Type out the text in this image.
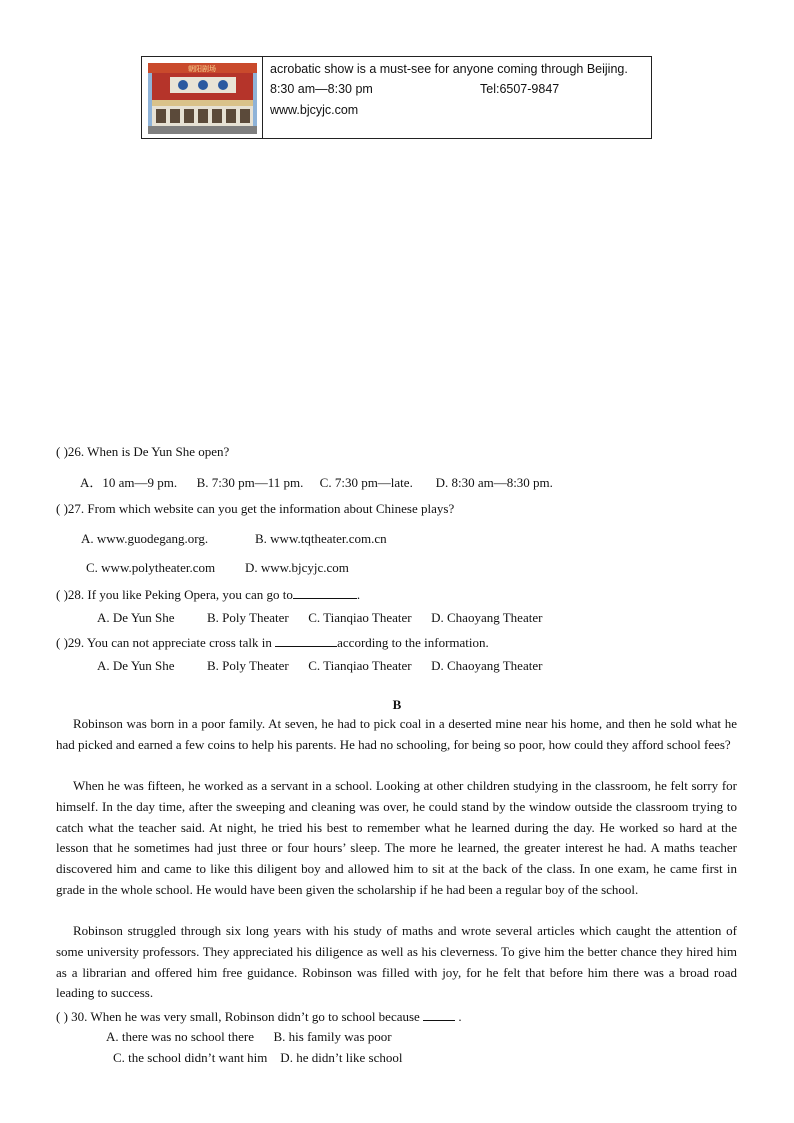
朝阳剧场	acrobatic show is a must-see for anyone coming through Beijing.
8:30 am—8:30 pm	Tel:6507-9847
www.bjcyjc.com
( )26. When is De Yun She open?
A．10 am—9 pm.      B. 7:30 pm—11 pm.     C. 7:30 pm—late.       D. 8:30 am—8:30 pm.
( )27. From which website can you get the information about Chinese plays?
A. www.guodegang.org.	B. www.tqtheater.com.cn
C. www.polytheater.com D. www.bjcyjc.com
( )28. If you like Peking Opera, you can go to	.
A. De Yun She          B. Poly Theater      C. Tianqiao Theater      D. Chaoyang Theater
( )29. You can not appreciate cross talk in	according to the information.
A. De Yun She          B. Poly Theater      C. Tianqiao Theater      D. Chaoyang Theater
B
Robinson was born in a poor family. At seven, he had to pick coal in a deserted mine near his home, and then he sold what he had picked and earned a few coins to help his parents. He had no schooling, for being so poor, how could they afford school fees?
When he was fifteen, he worked as a servant in a school. Looking at other children studying in the classroom, he felt sorry for himself. In the day time, after the sweeping and cleaning was over, he could stand by the window outside the classroom trying to catch what the teacher said. At night, he tried his best to remember what he learned during the day. He worked so hard at the lesson that he sometimes had just three or four hours’ sleep. The more he learned, the greater interest he had. A maths teacher discovered him and came to like this diligent boy and allowed him to sit at the back of the class. In one exam, he came first in grade in the whole school. He would have been given the scholarship if he had been a regular boy of the school.
Robinson struggled through six long years with his study of maths and wrote several articles which caught the attention of some university professors. They appreciated his diligence as well as his cleverness. To give him the better chance they hired him as a librarian and offered him free guidance. Robinson was filled with joy, for he felt that before him there was a broad road leading to success.
( ) 30. When he was very small, Robinson didn’t go to school because  .
A. there was no school there      B. his family was poor
C. the school didn’t want him    D. he didn’t like school
